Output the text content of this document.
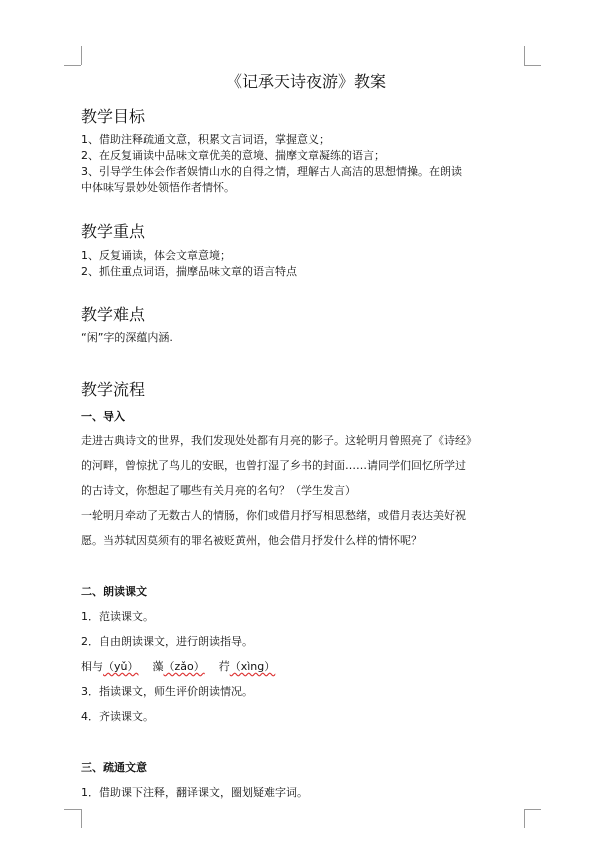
《记承天诗夜游》教案
教学目标
1、借助注释疏通文意，积累文言词语，掌握意义；
2、在反复诵读中品味文章优美的意境、揣摩文章凝练的语言；
3、引导学生体会作者娱情山水的自得之情，理解古人高洁的思想情操。在朗读
中体味写景妙处领悟作者情怀。
教学重点
1、反复诵读，体会文章意境；
2、抓住重点词语，揣摩品味文章的语言特点
教学难点
“闲”字的深蕴内涵.
教学流程
一、导入
走进古典诗文的世界，我们发现处处都有月亮的影子。这轮明月曾照亮了《诗经》
的河畔，曾惊扰了鸟儿的安眠，也曾打湿了乡书的封面……请同学们回忆所学过
的古诗文，你想起了哪些有关月亮的名句？（学生发言）
一轮明月牵动了无数古人的情肠，你们或借月抒写相思愁绪，或借月表达美好祝
愿。当苏轼因莫须有的罪名被贬黄州，他会借月抒发什么样的情怀呢？
二、朗读课文
1．范读课文。
2．自由朗读课文，进行朗读指导。
相与（yǔ） 藻（zǎo） 荇（xìng）
3．指读课文，师生评价朗读情况。
4．齐读课文。
三、疏通文意
1．借助课下注释，翻译课文，圈划疑难字词。
